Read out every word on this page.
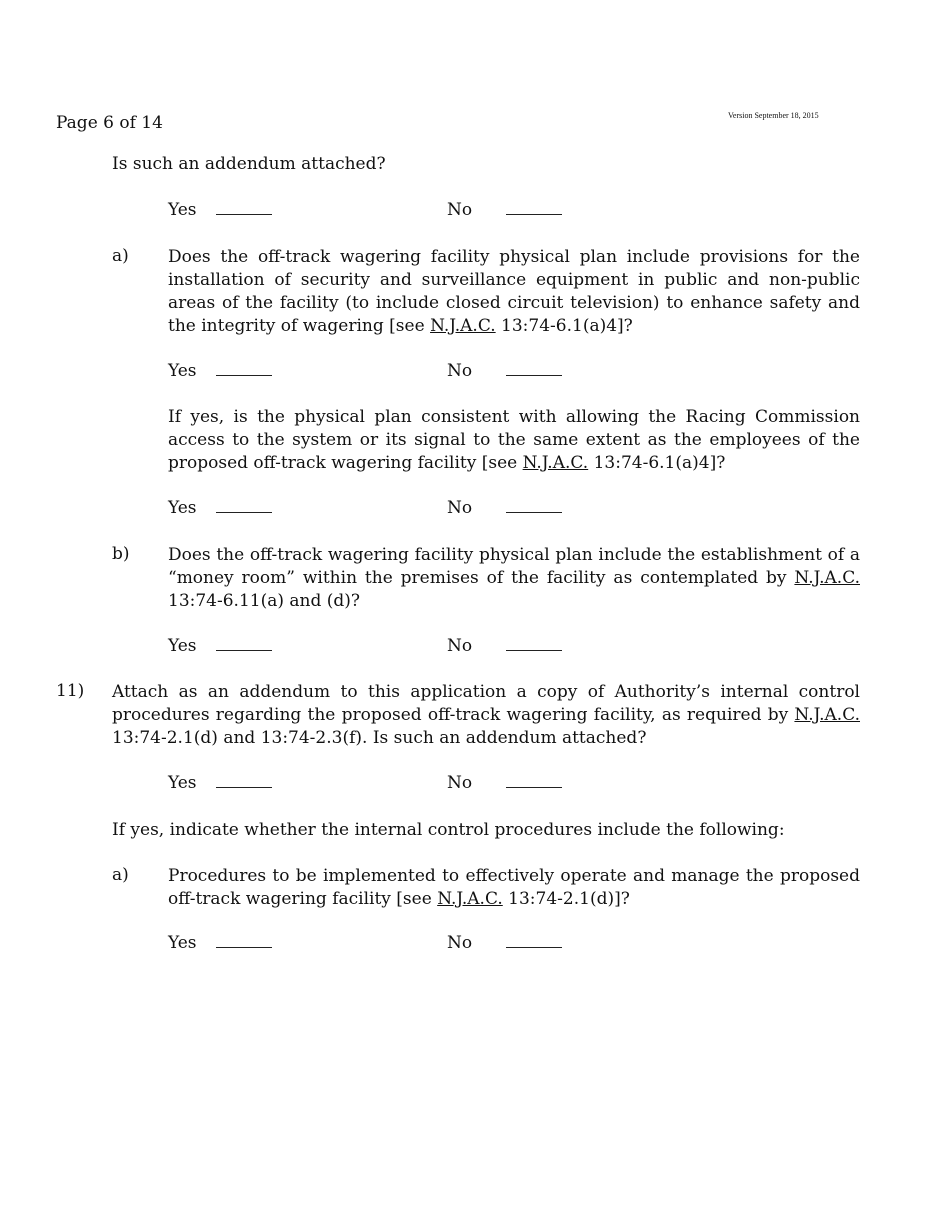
Page 6 of 14	Version September 18, 2015
Is such an addendum attached?
Yes	No
a) Does the off-track wagering facility physical plan include provisions for the installation of security and surveillance equipment in public and non-public areas of the facility (to include closed circuit television) to enhance safety and the integrity of wagering [see N.J.A.C. 13:74-6.1(a)4]?
Yes	No
If yes, is the physical plan consistent with allowing the Racing Commission access to the system or its signal to the same extent as the employees of the proposed off-track wagering facility [see N.J.A.C. 13:74-6.1(a)4]?
Yes	No
b) Does the off-track wagering facility physical plan include the establishment of a “money room” within the premises of the facility as contemplated by N.J.A.C. 13:74-6.11(a) and (d)?
Yes	No
11) Attach as an addendum to this application a copy of Authority’s internal control procedures regarding the proposed off-track wagering facility, as required by N.J.A.C. 13:74-2.1(d) and 13:74-2.3(f). Is such an addendum attached?
Yes	No
If yes, indicate whether the internal control procedures include the following:
a) Procedures to be implemented to effectively operate and manage the proposed off-track wagering facility [see N.J.A.C. 13:74-2.1(d)]?
Yes	No
